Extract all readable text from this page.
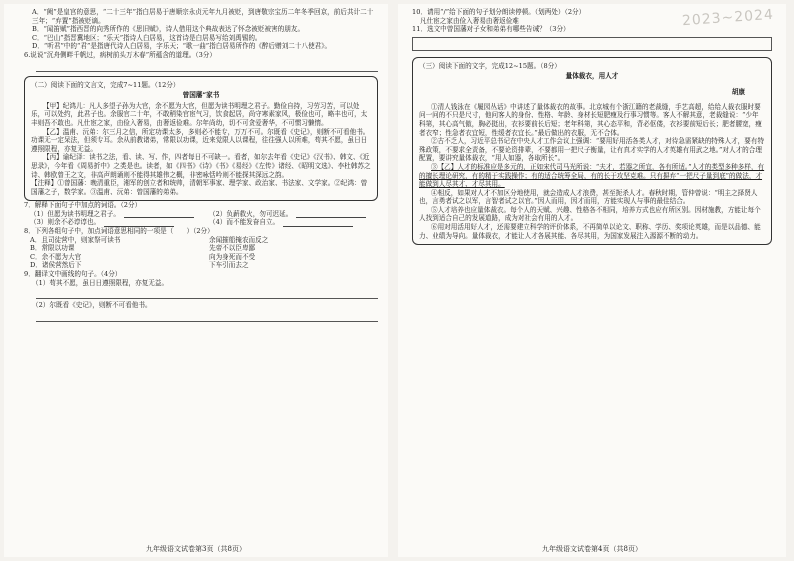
A．“阙”是皇宫的意思，“二十三年”指白居易于唐顺宗永贞元年九月被贬，到唐敬宗宝历二年冬季回京，前后共计二十三年；“弃置”指被贬谪。

B．“闻笛赋”指西晋的向秀所作的《思旧赋》，诗人借用这个典故表达了怀念被贬被害的朋友。

C．“巴山”指晋冀地区；“乐天”指诗人白居易，这首诗是白居易写给刘禹锡的。

D．“听君”中的“君”是指唐代诗人白居易，字乐天；“歌一曲”指白居易所作的《醉后赠刘二十八使君》。

6.说说“沉舟侧畔千帆过，病树前头万木春”所蕴含的道理。（3分）

（二）阅读下面的文言文，完成7~11题。（12分）

曾国藩“家书

【甲】纪鸿儿：凡人多望子孙为大官，余不愿为大官，但愿为读书明理之君子。勤俭自持，习劳习苦，可以处乐，可以处约，此君子也。余服官二十年，不敢稍染官宦气习，饮食起居，尚守寒素家风，极俭也可，略丰也可，太丰则吾不敢也。凡仕宦之家，由俭入奢易，由奢返俭难。尔年尚幼，切不可贪爱奢华，不可惯习懒惰。

【乙】温甫、沅弟：尔三月之信，所定功课太多，多则必不能专，万万不可。尔既看《史记》，则断不可看他书。功课无一定呆法，但须专耳。余从前教诸弟，常限以功课，近来觉限人以课程，往往强人以所难，苟其不愿，虽日日遵照限程，亦复无益。

【丙】谕纪泽：读书之法，看、读、写、作，四者每日不可缺一。看者，如尔去年看《史记》《汉书》、韩文、《近思录》，今年看《周易折中》之类是也。读者，如《四书》《诗》《书》《易经》《左传》诸经、《昭明文选》、李杜韩苏之诗、韩欧曾王之文，非高声朗诵则不能得其雄伟之概，非密咏恬吟则不能探其深远之韵。

【注释】①曾国藩：晚清重臣，湘军的创立者和统帅，清朝军事家、理学家、政治家、书法家、文学家。②纪鸿：曾国藩之子，数学家。③温甫、沅弟：曾国藩的弟弟。

7．解释下面句子中加点的词语。（2分）

（1）但愿为读书明理之君子。	（2）负薪救火，勿可迟延。
（3）则余不必谆谆也。	（4）而不能发奋自立。

8．下列各组句子中，加点词语意思相同的一项是（　　）（2分）

A．且司徒营中，则家祭可读书	余闻摧船掩农而反之
B．常限以功课	先帝不以臣卑鄙
C．余不愿为大官	向为身死而不受
D．诸侯营然后下	下车引而去之

9．翻译文中画线的句子。（4分）

（1）苟其不愿，虽日日遵照限程，亦复无益。

（2）尔既看《史记》，则断不可看他书。

九年级语文试卷第3页（共8页）
2023~2024

10．请用“/”给下面的句子划分朗读停顿。（划两处）（2分）

凡仕宦之家由俭入奢易由奢返俭难

11．选文中曾国藩对子女和弟弟有哪些告诫？（3分）

（三）阅读下面的文字，完成12~15题。（8分）

量体裁衣，用人才

胡康

①清人钱泳在《履园丛话》中讲述了量体裁衣的故事。北京城有个浙江籍的老裁缝，手艺高超，给给人裁衣服时要问一问的不只是尺寸，他问客人的身份、性格、年龄、身材长短肥瘦及行事习惯等。客人不解其意，老裁缝说：“少年科第，其心高气傲，胸必挺出，衣衫要前长后短；老年科第，其心态平和，背必伛偻，衣衫要前短后长；肥者腰宽，瘦者衣窄；性急者衣宜短，性缓者衣宜长。”最后做出的衣服，无不合体。

②古不乏人，习近平总书记在中央人才工作会议上强调：“要用好用活各类人才，对待急需紧缺的特殊人才，要有特殊政策，不要求全责备，不要论资排辈，不要都用一把尺子衡量，让有真才实学的人才英雄有用武之地。”对人才的合理配置，要讲究量体裁衣，“用人如器，各取所长”。

③【乙】人才的标准应是多元的，正如宋代司马光所说：“夫才，若器之所宜，各有所适。”人才的类型多种多样，有的擅长理论研究，有的精于实践操作；有的适合统筹全局，有的长于攻坚克难。只有摒弃“一把尺子量到底”的做法，才能做到人尽其才、才尽其用。

④相反，如果对人才不加区分地使用，就会造成人才浪费，甚至扼杀人才。春秋时期，管仲曾说：“明主之择贤人也，言勇者试之以军，言智者试之以官。”因人而用，因才而用，方能实现人与事的最佳结合。

⑤人才培养也应量体裁衣。每个人的天赋、兴趣、性格各不相同，培养方式也应有所区别。因材施教，方能让每个人找到适合自己的发展道路，成为对社会有用的人才。

⑥用对用活用好人才，还需要建立科学的评价体系，不再简单以论文、职称、学历、奖项论英雄，而是以品德、能力、业绩为导向。量体裁衣，才能让人才各展其能、各尽其用，为国家发展注入源源不断的动力。

九年级语文试卷第4页（共8页）
